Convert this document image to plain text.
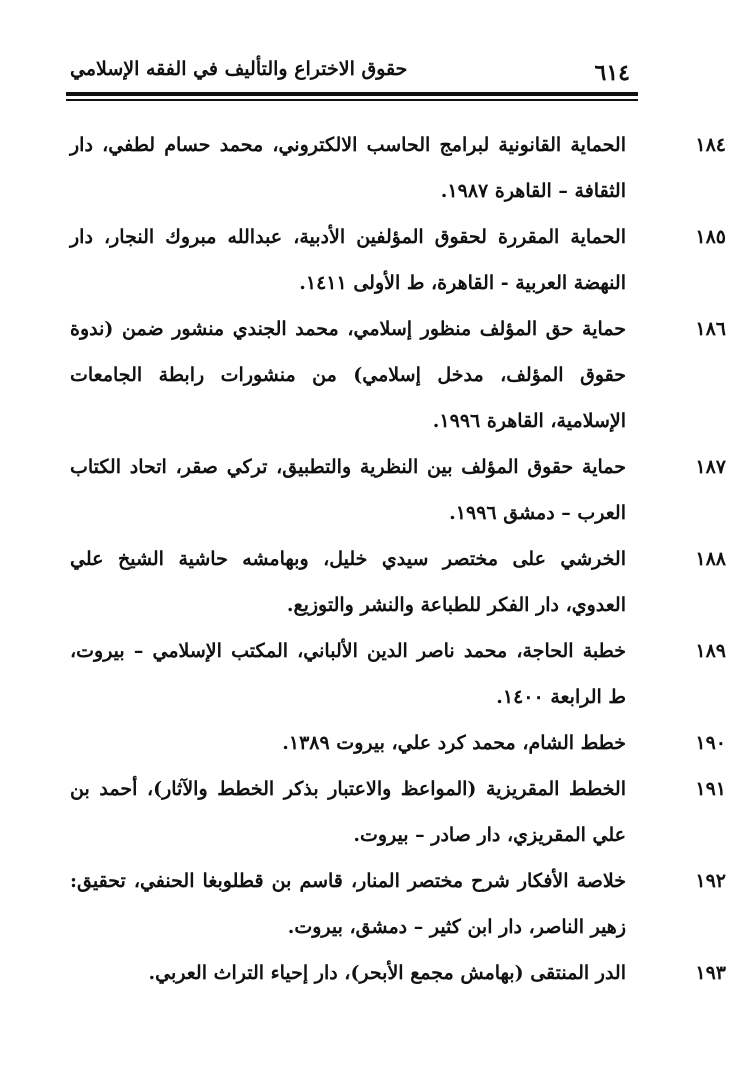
٦١٤
حقوق الاختراع والتأليف في الفقه الإسلامي
١٨٤
الحماية القانونية لبرامج الحاسب الالكتروني، محمد حسام لطفي، دار الثقافة – القاهرة ١٩٨٧.
١٨٥
الحماية المقررة لحقوق المؤلفين الأدبية، عبدالله مبروك النجار، دار النهضة العربية - القاهرة، ط الأولى ١٤١١.
١٨٦
حماية حق المؤلف منظور إسلامي، محمد الجندي منشور ضمن (ندوة حقوق المؤلف، مدخل إسلامي) من منشورات رابطة الجامعات الإسلامية، القاهرة ١٩٩٦.
١٨٧
حماية حقوق المؤلف بين النظرية والتطبيق، تركي صقر، اتحاد الكتاب العرب – دمشق ١٩٩٦.
١٨٨
الخرشي على مختصر سيدي خليل، وبهامشه حاشية الشيخ علي العدوي، دار الفكر للطباعة والنشر والتوزيع.
١٨٩
خطبة الحاجة، محمد ناصر الدين الألباني، المكتب الإسلامي – بيروت، ط الرابعة ١٤٠٠.
١٩٠
خطط الشام، محمد كرد علي، بيروت ١٣٨٩.
١٩١
الخطط المقريزية (المواعظ والاعتبار بذكر الخطط والآثار)، أحمد بن علي المقريزي، دار صادر – بيروت.
١٩٢
خلاصة الأفكار شرح مختصر المنار، قاسم بن قطلوبغا الحنفي، تحقيق: زهير الناصر، دار ابن كثير – دمشق، بيروت.
١٩٣
الدر المنتقى (بهامش مجمع الأبحر)، دار إحياء التراث العربي.
